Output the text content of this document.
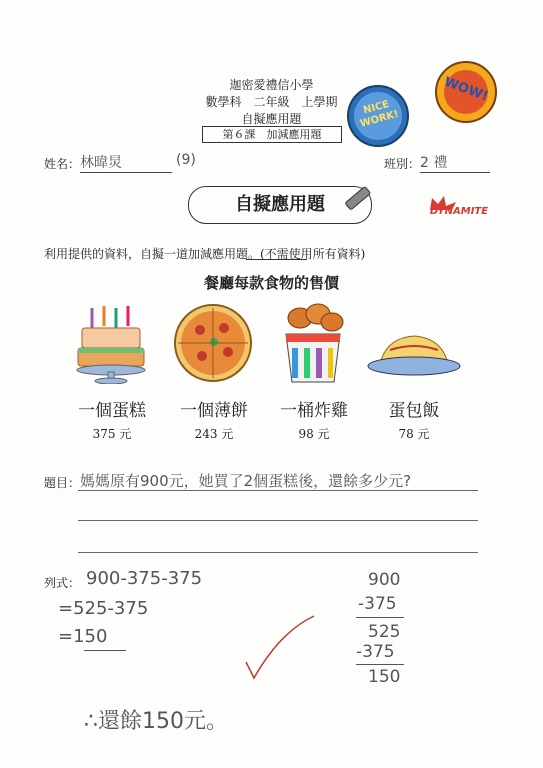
迦密愛禮信小學
數學科　二年級　上學期
自擬應用題
第６課　加減應用題
NICE WORK!
WOW!
DYNAMITE
姓名： 林暐炅	(9)	班別： 2 禮
自擬應用題
利用提供的資料，自擬一道加減應用題。(不需使用所有資料)
餐廳每款食物的售價
一個蛋糕	一個薄餅	一桶炸雞	蛋包飯
375 元	243 元	98 元	78 元
題目： 媽媽原有900元，她買了2個蛋糕後，還餘多少元?
列式： 900-375-375
=525-375
=150
900
-375
525
-375
150
∴還餘150元。
